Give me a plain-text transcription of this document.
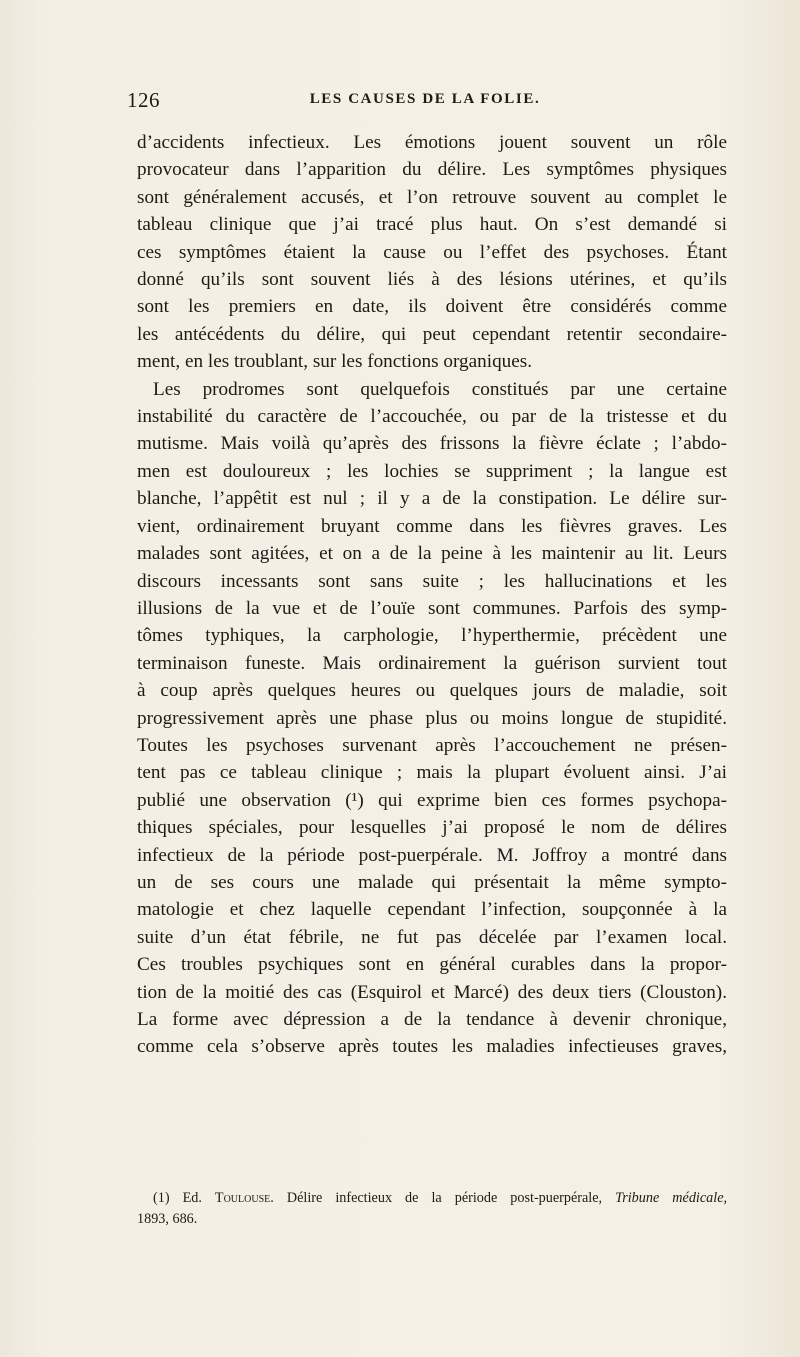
126	LES CAUSES DE LA FOLIE.
d’accidents infectieux. Les émotions jouent souvent un rôle
provocateur dans l’apparition du délire. Les symptômes physiques
sont généralement accusés, et l’on retrouve souvent au complet le
tableau clinique que j’ai tracé plus haut. On s’est demandé si
ces symptômes étaient la cause ou l’effet des psychoses. Étant
donné qu’ils sont souvent liés à des lésions utérines, et qu’ils
sont les premiers en date, ils doivent être considérés comme
les antécédents du délire, qui peut cependant retentir secondaire-
ment, en les troublant, sur les fonctions organiques.
Les prodromes sont quelquefois constitués par une certaine
instabilité du caractère de l’accouchée, ou par de la tristesse et du
mutisme. Mais voilà qu’après des frissons la fièvre éclate ; l’abdo-
men est douloureux ; les lochies se suppriment ; la langue est
blanche, l’appêtit est nul ; il y a de la constipation. Le délire sur-
vient, ordinairement bruyant comme dans les fièvres graves. Les
malades sont agitées, et on a de la peine à les maintenir au lit. Leurs
discours incessants sont sans suite ; les hallucinations et les
illusions de la vue et de l’ouïe sont communes. Parfois des symp-
tômes typhiques, la carphologie, l’hyperthermie, précèdent une
terminaison funeste. Mais ordinairement la guérison survient tout
à coup après quelques heures ou quelques jours de maladie, soit
progressivement après une phase plus ou moins longue de stupidité.
Toutes les psychoses survenant après l’accouchement ne présen-
tent pas ce tableau clinique ; mais la plupart évoluent ainsi. J’ai
publié une observation (¹) qui exprime bien ces formes psychopa-
thiques spéciales, pour lesquelles j’ai proposé le nom de délires
infectieux de la période post-puerpérale. M. Joffroy a montré dans
un de ses cours une malade qui présentait la même sympto-
matologie et chez laquelle cependant l’infection, soupçonnée à la
suite d’un état fébrile, ne fut pas décelée par l’examen local.
Ces troubles psychiques sont en général curables dans la propor-
tion de la moitié des cas (Esquirol et Marcé) des deux tiers (Clouston).
La forme avec dépression a de la tendance à devenir chronique,
comme cela s’observe après toutes les maladies infectieuses graves,
(1) Ed. Toulouse. Délire infectieux de la période post-puerpérale, Tribune médicale,
1893, 686.
